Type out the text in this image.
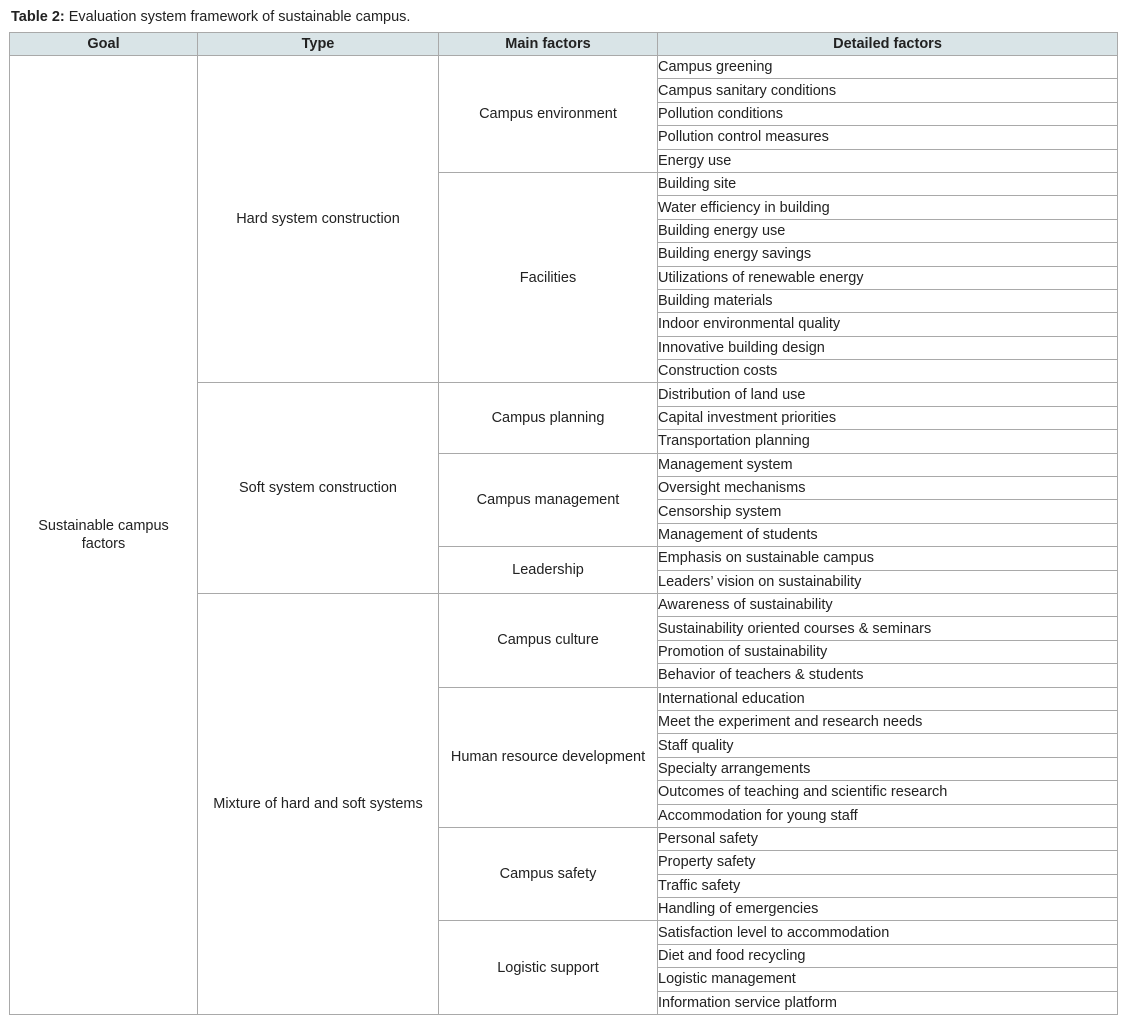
Table 2: Evaluation system framework of sustainable campus.
Goal	Type	Main factors	Detailed factors
Sustainable campus factors	Hard system construction	Campus environment	Campus greening
			Campus sanitary conditions
			Pollution conditions
			Pollution control measures
			Energy use
		Facilities	Building site
			Water efficiency in building
			Building energy use
			Building energy savings
			Utilizations of renewable energy
			Building materials
			Indoor environmental quality
			Innovative building design
			Construction costs
	Soft system construction	Campus planning	Distribution of land use
			Capital investment priorities
			Transportation planning
		Campus management	Management system
			Oversight mechanisms
			Censorship system
			Management of students
		Leadership	Emphasis on sustainable campus
			Leaders’ vision on sustainability
	Mixture of hard and soft systems	Campus culture	Awareness of sustainability
			Sustainability oriented courses & seminars
			Promotion of sustainability
			Behavior of teachers & students
		Human resource development	International education
			Meet the experiment and research needs
			Staff quality
			Specialty arrangements
			Outcomes of teaching and scientific research
			Accommodation for young staff
		Campus safety	Personal safety
			Property safety
			Traffic safety
			Handling of emergencies
		Logistic support	Satisfaction level to accommodation
			Diet and food recycling
			Logistic management
			Information service platform
